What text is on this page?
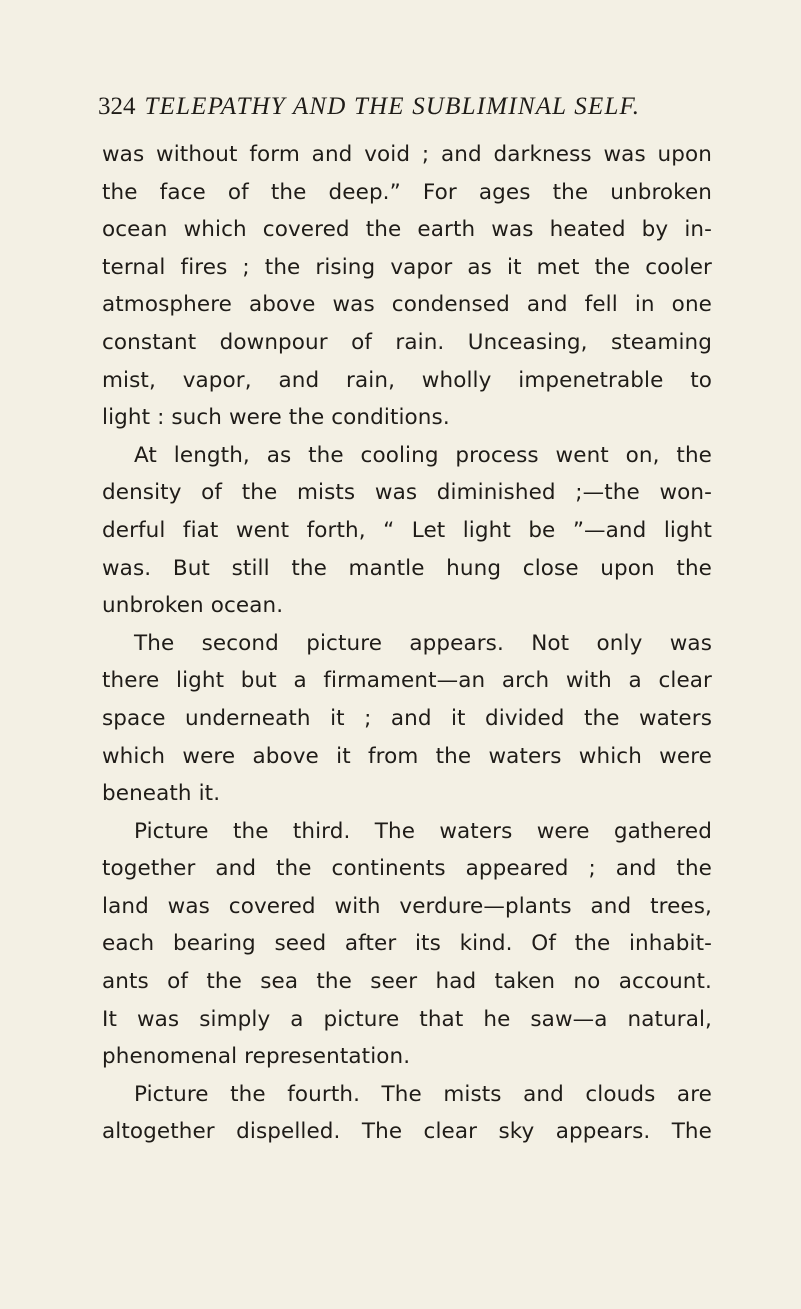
324 TELEPATHY AND THE SUBLIMINAL SELF.
was without form and void ; and darkness was upon
the face of the deep.” For ages the unbroken
ocean which covered the earth was heated by in-
ternal fires ; the rising vapor as it met the cooler
atmosphere above was condensed and fell in one
constant downpour of rain. Unceasing, steaming
mist, vapor, and rain, wholly impenetrable to
light : such were the conditions.
At length, as the cooling process went on, the
density of the mists was diminished ;—the won-
derful fiat went forth, “ Let light be ”—and light
was. But still the mantle hung close upon the
unbroken ocean.
The second picture appears. Not only was
there light but a firmament—an arch with a clear
space underneath it ; and it divided the waters
which were above it from the waters which were
beneath it.
Picture the third. The waters were gathered
together and the continents appeared ; and the
land was covered with verdure—plants and trees,
each bearing seed after its kind. Of the inhabit-
ants of the sea the seer had taken no account.
It was simply a picture that he saw—a natural,
phenomenal representation.
Picture the fourth. The mists and clouds are
altogether dispelled. The clear sky appears. The
